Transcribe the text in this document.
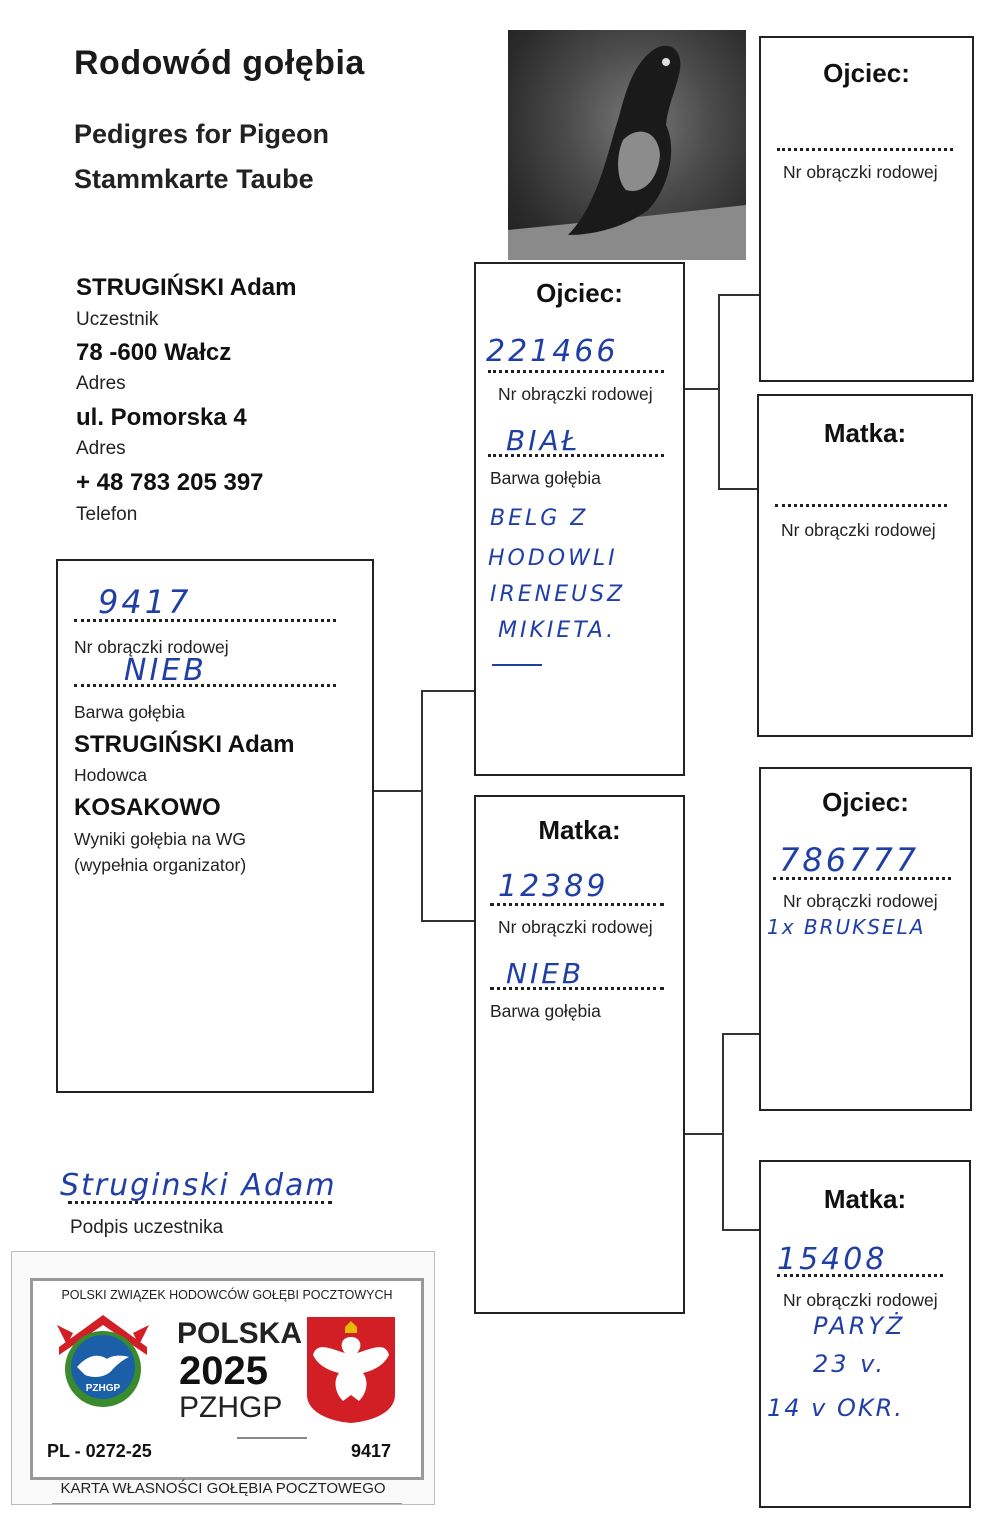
Rodowód gołębia
Pedigres for Pigeon
Stammkarte Taube
STRUGIŃSKI Adam
Uczestnik
78 -600 Wałcz
Adres
ul. Pomorska 4
Adres
+ 48 783 205 397
Telefon
9417
Nr obrączki rodowej
NIEB
Barwa gołębia
STRUGIŃSKI Adam
Hodowca
KOSAKOWO
Wyniki gołębia na WG
(wypełnia organizator)
Ojciec:
221466
Nr obrączki rodowej
BIAŁ
Barwa gołębia
BELG Z
HODOWLI
IRENEUSZ
MIKIETA.
Matka:
12389
Nr obrączki rodowej
NIEB
Barwa gołębia
Ojciec:
Nr obrączki rodowej
Matka:
Nr obrączki rodowej
Ojciec:
786777
Nr obrączki rodowej
1x BRUKSELA
Matka:
15408
Nr obrączki rodowej
PARYŻ
23 v.
14 v OKR.
Struginski Adam
Podpis uczestnika
POLSKI ZWIĄZEK HODOWCÓW GOŁĘBI POCZTOWYCH
PZHGP
POLSKA
2025
PZHGP
PL - 0272-25	9417
KARTA WŁASNOŚCI GOŁĘBIA POCZTOWEGO
